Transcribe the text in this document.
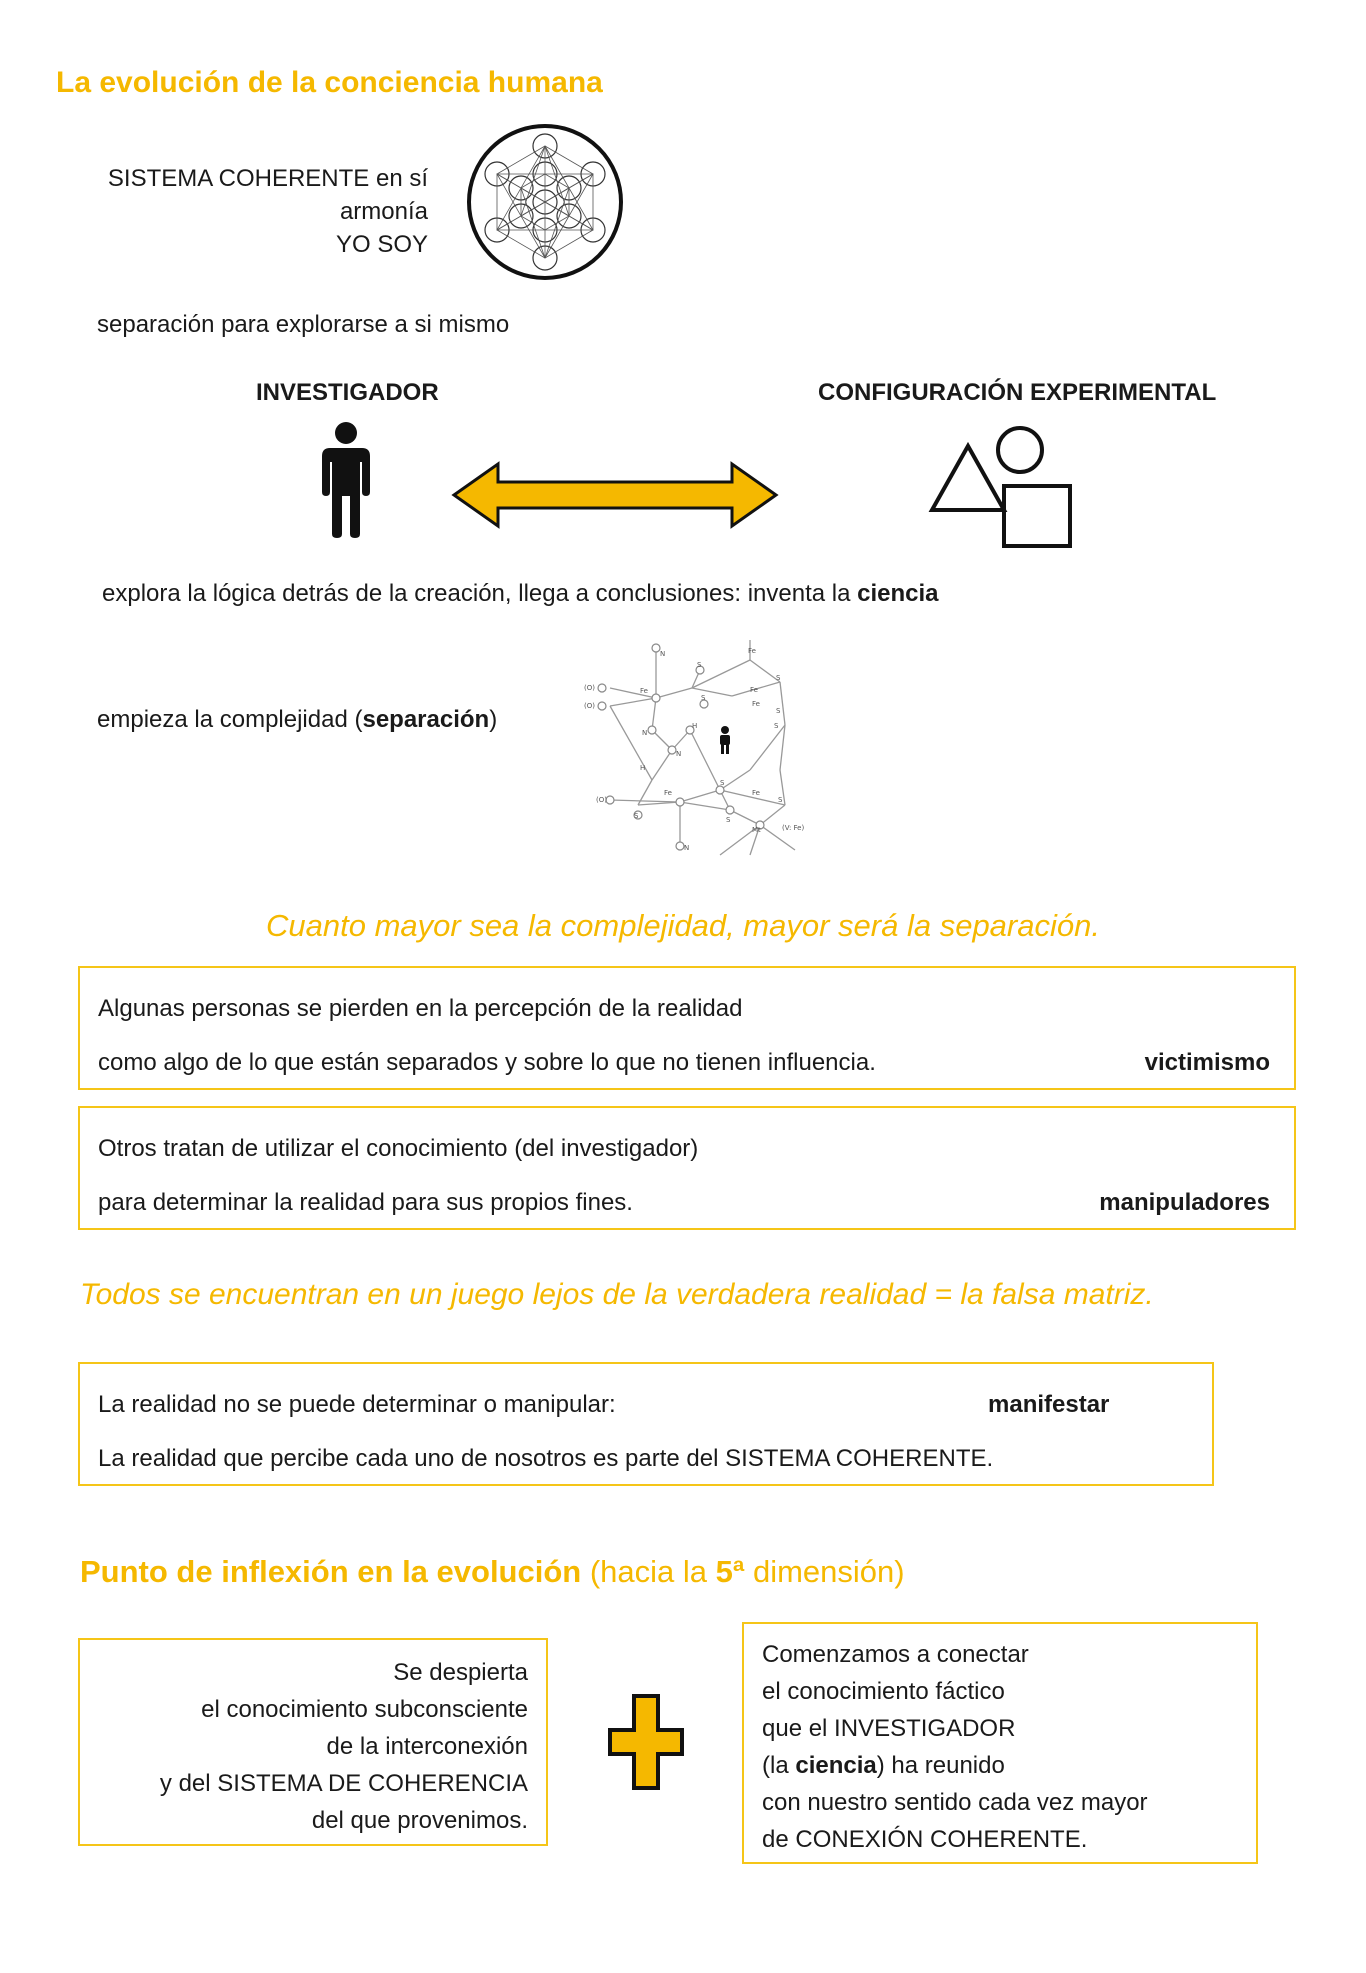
La evolución de la conciencia humana
SISTEMA COHERENTE en sí
armonía
YO SOY
separación para explorarse a si mismo
INVESTIGADOR	CONFIGURACIÓN EXPERIMENTAL
explora la lógica detrás de la creación, llega a conclusiones: inventa la ciencia
empieza la complejidad (separación)
N	Fe
S
Fe
(O)
(O)
Fe
S
S
N
H
N
H
Fe
S
(O)
Fe
S
S
Fe
S
Mt	(V: Fe)
N
S
S
Cuanto mayor sea la complejidad, mayor será la separación.
Algunas personas se pierden en la percepción de la realidad
como algo de lo que están separados y sobre lo que no tienen influencia.	victimismo
Otros tratan de utilizar el conocimiento (del investigador)
para determinar la realidad para sus propios fines.	manipuladores
Todos se encuentran en un juego lejos de la verdadera realidad = la falsa matriz.
La realidad no se puede determinar o manipular:	manifestar
La realidad que percibe cada uno de nosotros es parte del SISTEMA COHERENTE.
Punto de inflexión en la evolución (hacia la 5ª dimensión)
Se despierta
el conocimiento subconsciente
de la interconexión
y del SISTEMA DE COHERENCIA
del que provenimos.
Comenzamos a conectar
el conocimiento fáctico
que el INVESTIGADOR
(la ciencia) ha reunido
con nuestro sentido cada vez mayor
de CONEXIÓN COHERENTE.
